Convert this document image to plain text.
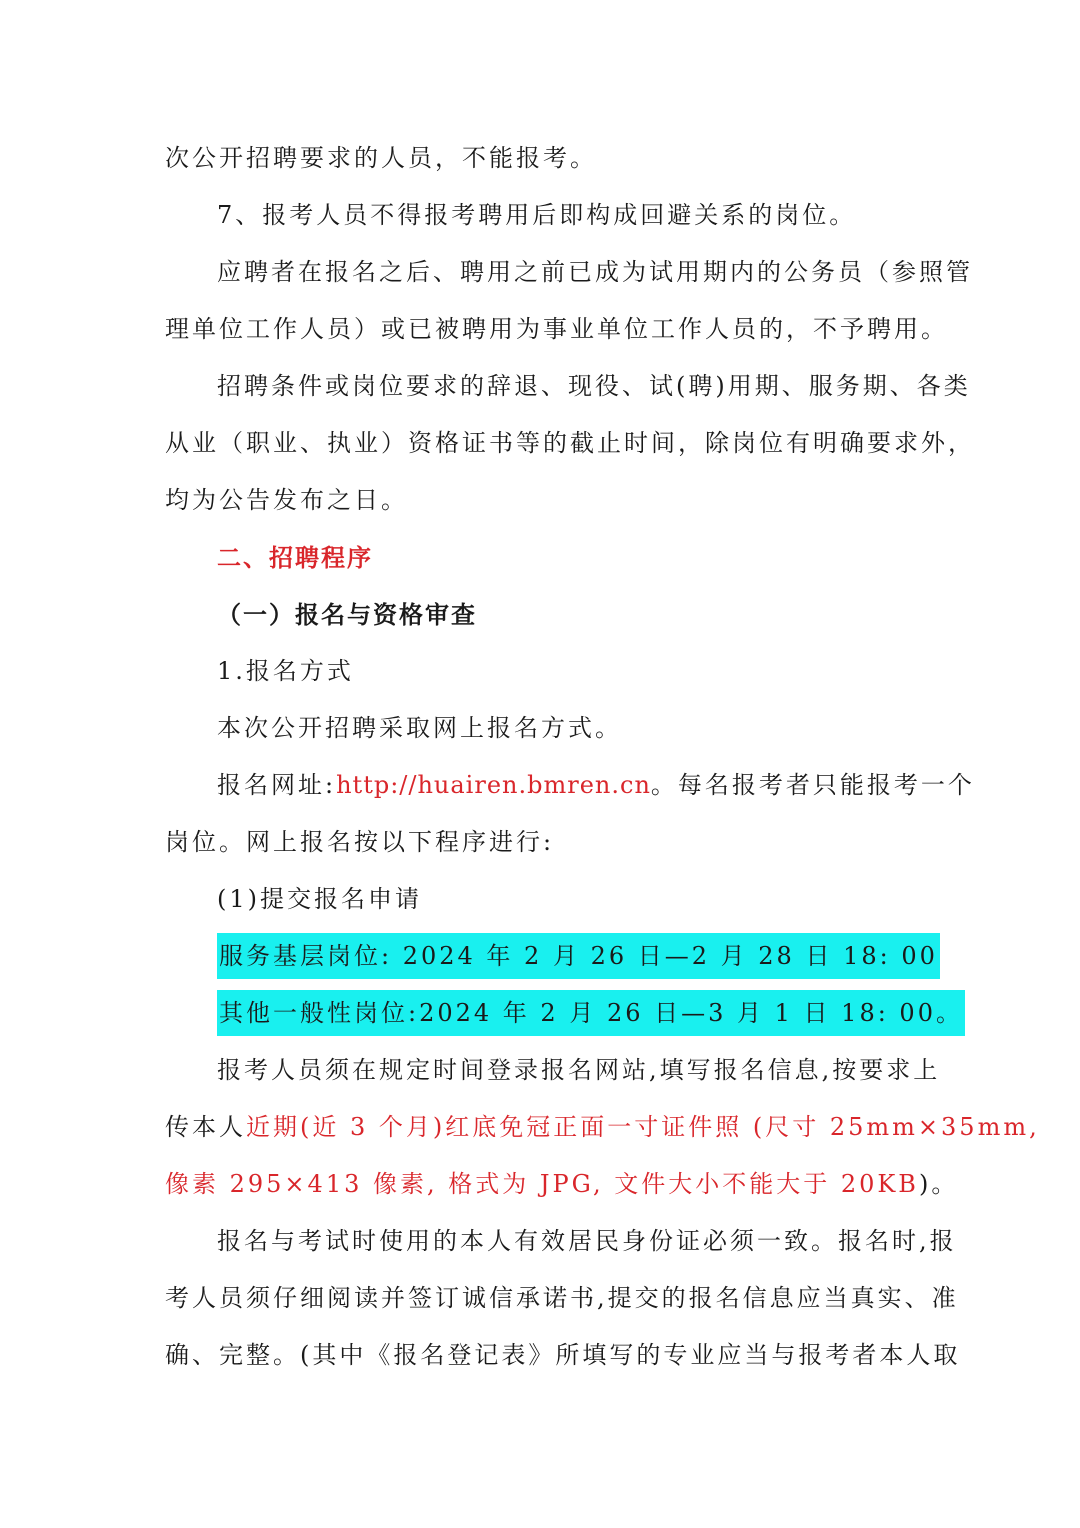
次公开招聘要求的人员，不能报考。
7、报考人员不得报考聘用后即构成回避关系的岗位。
应聘者在报名之后、聘用之前已成为试用期内的公务员（参照管
理单位工作人员）或已被聘用为事业单位工作人员的，不予聘用。
招聘条件或岗位要求的辞退、现役、试(聘)用期、服务期、各类
从业（职业、执业）资格证书等的截止时间，除岗位有明确要求外，
均为公告发布之日。
二、招聘程序
（一）报名与资格审查
1.报名方式
本次公开招聘采取网上报名方式。
报名网址:http://huairen.bmren.cn。每名报考者只能报考一个
岗位。网上报名按以下程序进行:
(1)提交报名申请
服务基层岗位: 2024 年 2 月 26 日—2 月 28 日 18: 00
其他一般性岗位:2024 年 2 月 26 日—3 月 1 日 18: 00。
报考人员须在规定时间登录报名网站,填写报名信息,按要求上
传本人近期(近 3 个月)红底免冠正面一寸证件照 (尺寸 25mm×35mm,
像素 295×413 像素, 格式为 JPG, 文件大小不能大于 20KB)。
报名与考试时使用的本人有效居民身份证必须一致。报名时,报
考人员须仔细阅读并签订诚信承诺书,提交的报名信息应当真实、准
确、完整。(其中《报名登记表》所填写的专业应当与报考者本人取
